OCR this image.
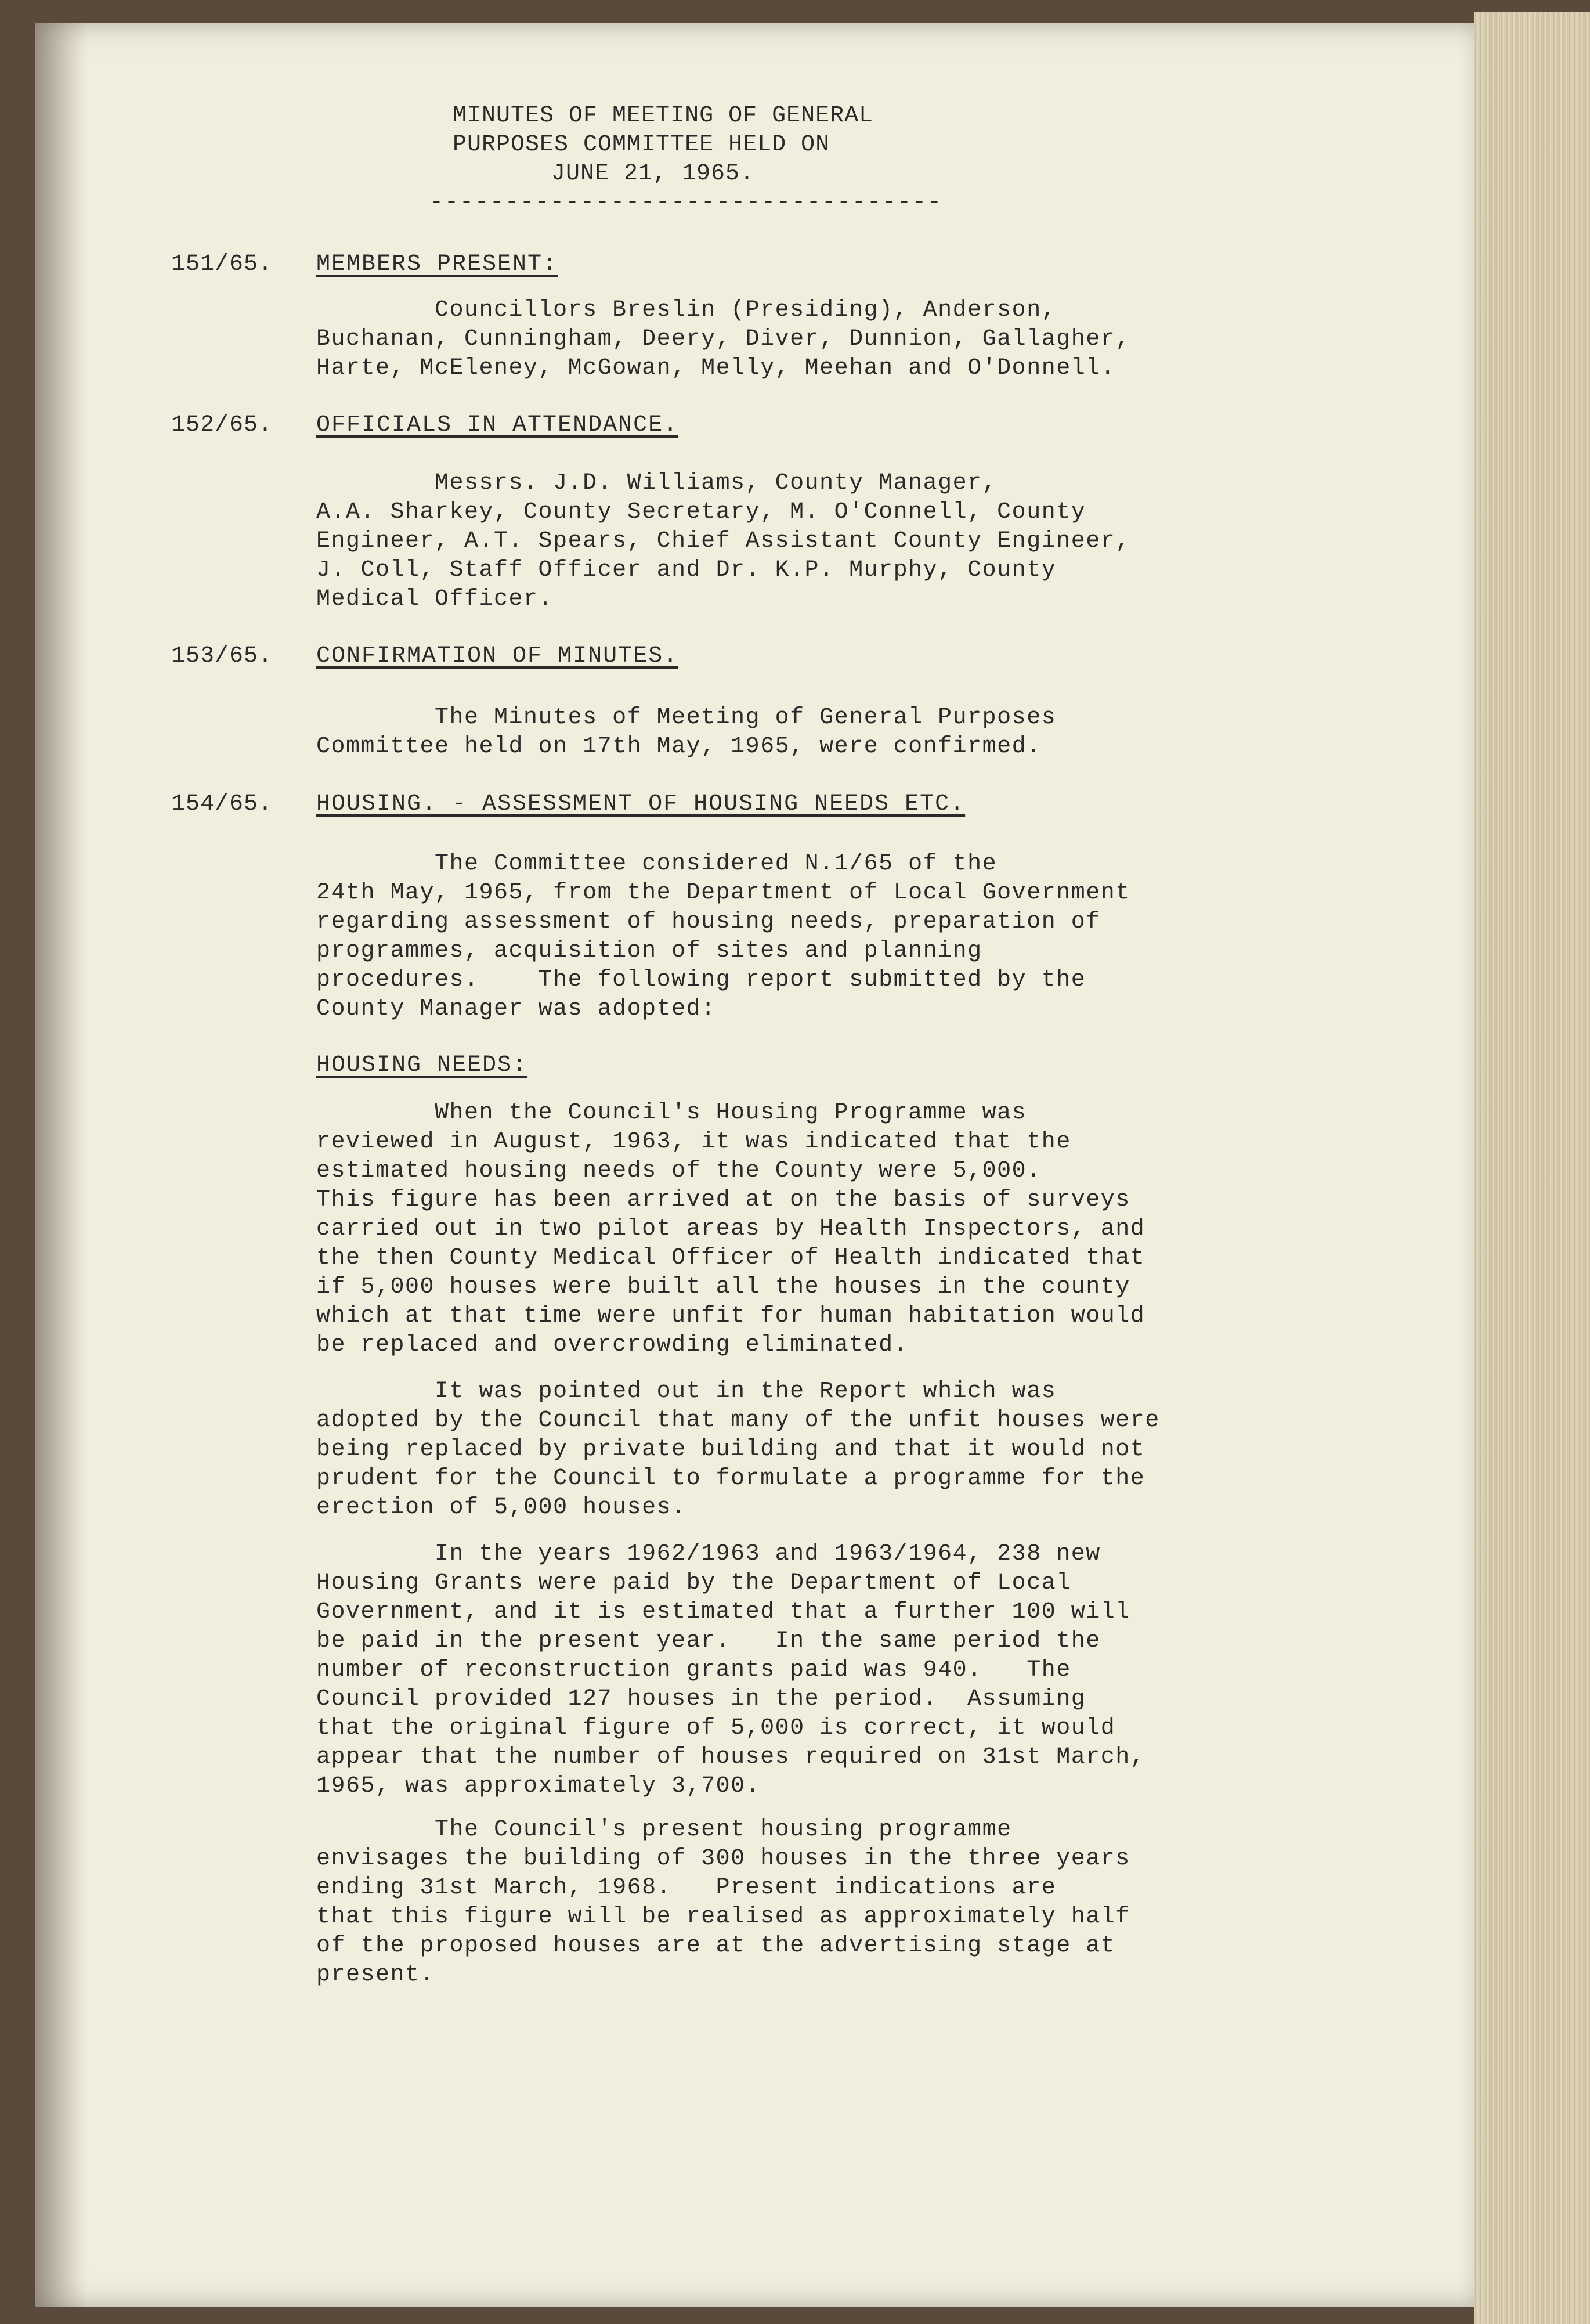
MINUTES OF MEETING OF GENERAL
PURPOSES COMMITTEE HELD ON
JUNE 21, 1965.
----------------------------------
151/65. MEMBERS PRESENT:
Councillors Breslin (Presiding), Anderson,
Buchanan, Cunningham, Deery, Diver, Dunnion, Gallagher,
Harte, McEleney, McGowan, Melly, Meehan and O'Donnell.
152/65. OFFICIALS IN ATTENDANCE.
Messrs. J.D. Williams, County Manager,
A.A. Sharkey, County Secretary, M. O'Connell, County
Engineer, A.T. Spears, Chief Assistant County Engineer,
J. Coll, Staff Officer and Dr. K.P. Murphy, County
Medical Officer.
153/65. CONFIRMATION OF MINUTES.
The Minutes of Meeting of General Purposes
Committee held on 17th May, 1965, were confirmed.
154/65. HOUSING. - ASSESSMENT OF HOUSING NEEDS ETC.
The Committee considered N.1/65 of the
24th May, 1965, from the Department of Local Government
regarding assessment of housing needs, preparation of
programmes, acquisition of sites and planning
procedures.    The following report submitted by the
County Manager was adopted:
HOUSING NEEDS:
When the Council's Housing Programme was
reviewed in August, 1963, it was indicated that the
estimated housing needs of the County were 5,000.
This figure has been arrived at on the basis of surveys
carried out in two pilot areas by Health Inspectors, and
the then County Medical Officer of Health indicated that
if 5,000 houses were built all the houses in the county
which at that time were unfit for human habitation would
be replaced and overcrowding eliminated.
It was pointed out in the Report which was
adopted by the Council that many of the unfit houses were
being replaced by private building and that it would not
prudent for the Council to formulate a programme for the
erection of 5,000 houses.
In the years 1962/1963 and 1963/1964, 238 new
Housing Grants were paid by the Department of Local
Government, and it is estimated that a further 100 will
be paid in the present year.   In the same period the
number of reconstruction grants paid was 940.   The
Council provided 127 houses in the period.  Assuming
that the original figure of 5,000 is correct, it would
appear that the number of houses required on 31st March,
1965, was approximately 3,700.
The Council's present housing programme
envisages the building of 300 houses in the three years
ending 31st March, 1968.   Present indications are
that this figure will be realised as approximately half
of the proposed houses are at the advertising stage at
present.
